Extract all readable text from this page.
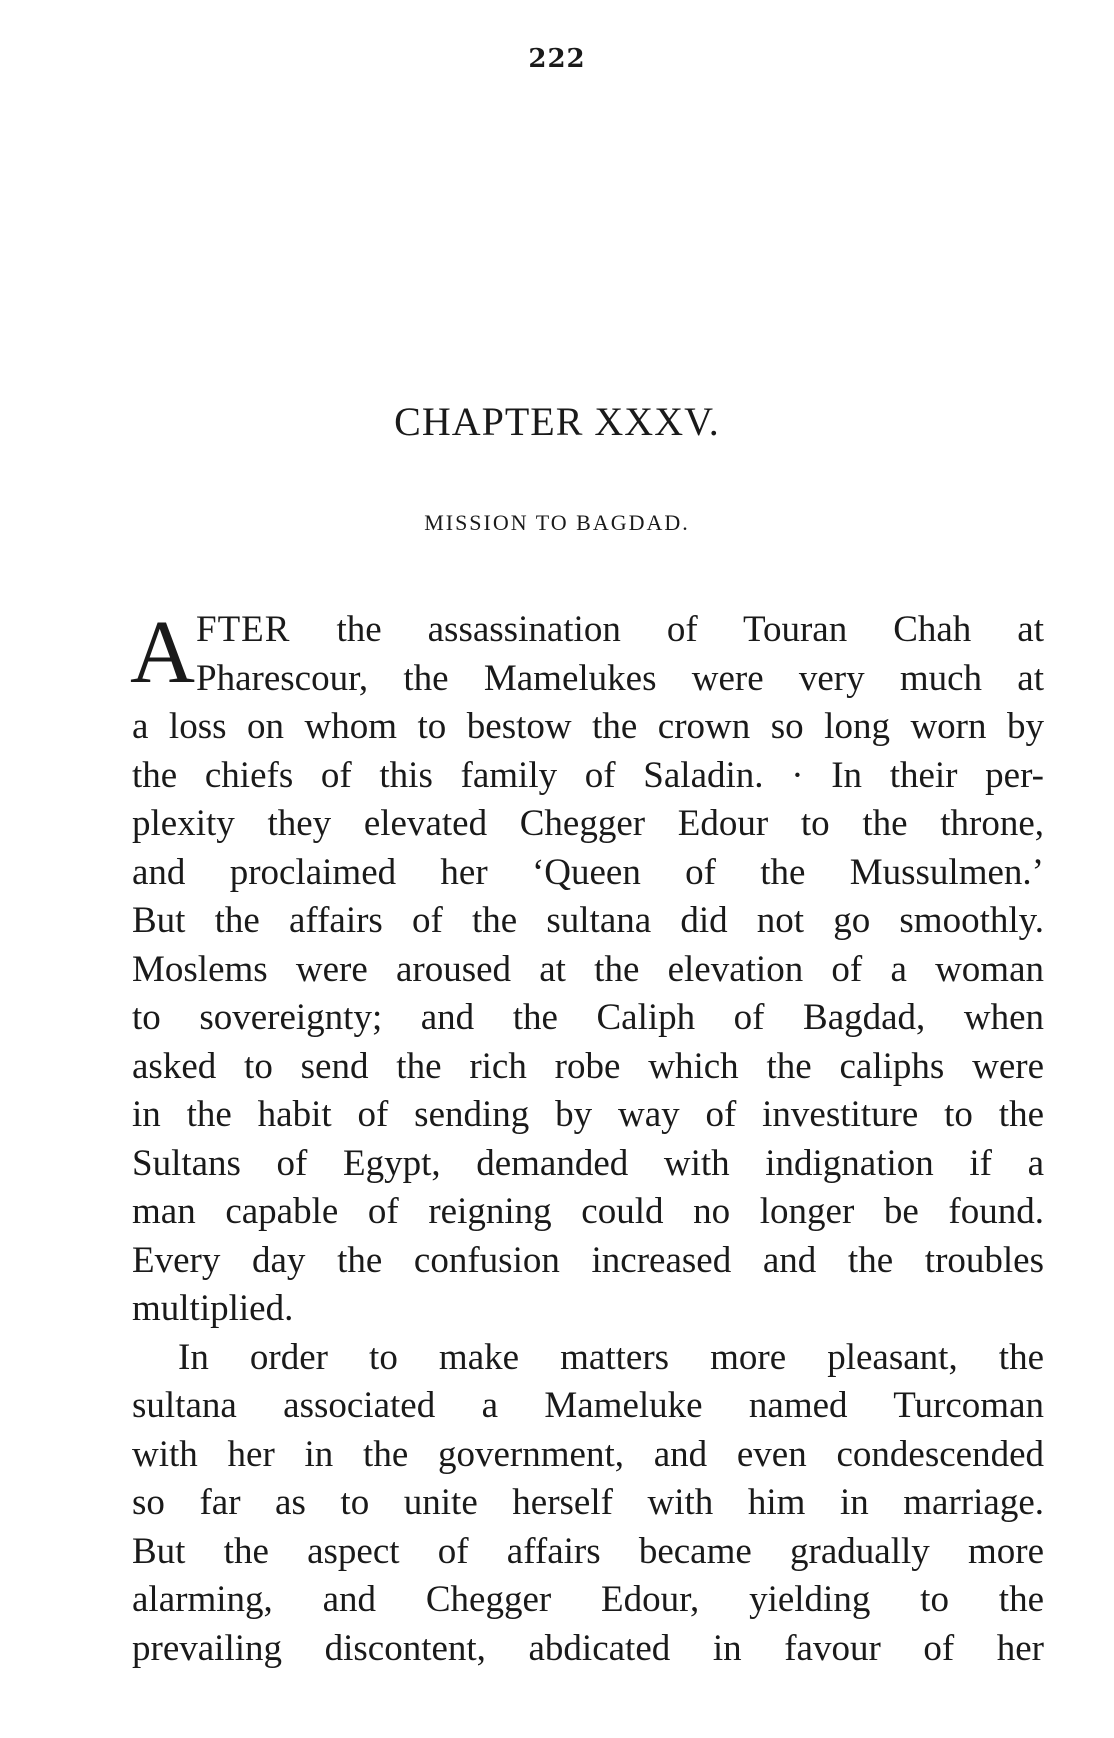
222
CHAPTER XXXV.
MISSION TO BAGDAD.
A FTER the assassination of Touran Chah at
Pharescour, the Mamelukes were very much at
a loss on whom to bestow the crown so long worn by
the chiefs of this family of Saladin. · In their per-
plexity they elevated Chegger Edour to the throne,
and proclaimed her ‘Queen of the Mussulmen.’
But the affairs of the sultana did not go smoothly.
Moslems were aroused at the elevation of a woman
to sovereignty; and the Caliph of Bagdad, when
asked to send the rich robe which the caliphs were
in the habit of sending by way of investiture to the
Sultans of Egypt, demanded with indignation if a
man capable of reigning could no longer be found.
Every day the confusion increased and the troubles
multiplied.
In order to make matters more pleasant, the
sultana associated a Mameluke named Turcoman
with her in the government, and even condescended
so far as to unite herself with him in marriage.
But the aspect of affairs became gradually more
alarming, and Chegger Edour, yielding to the
prevailing discontent, abdicated in favour of her
